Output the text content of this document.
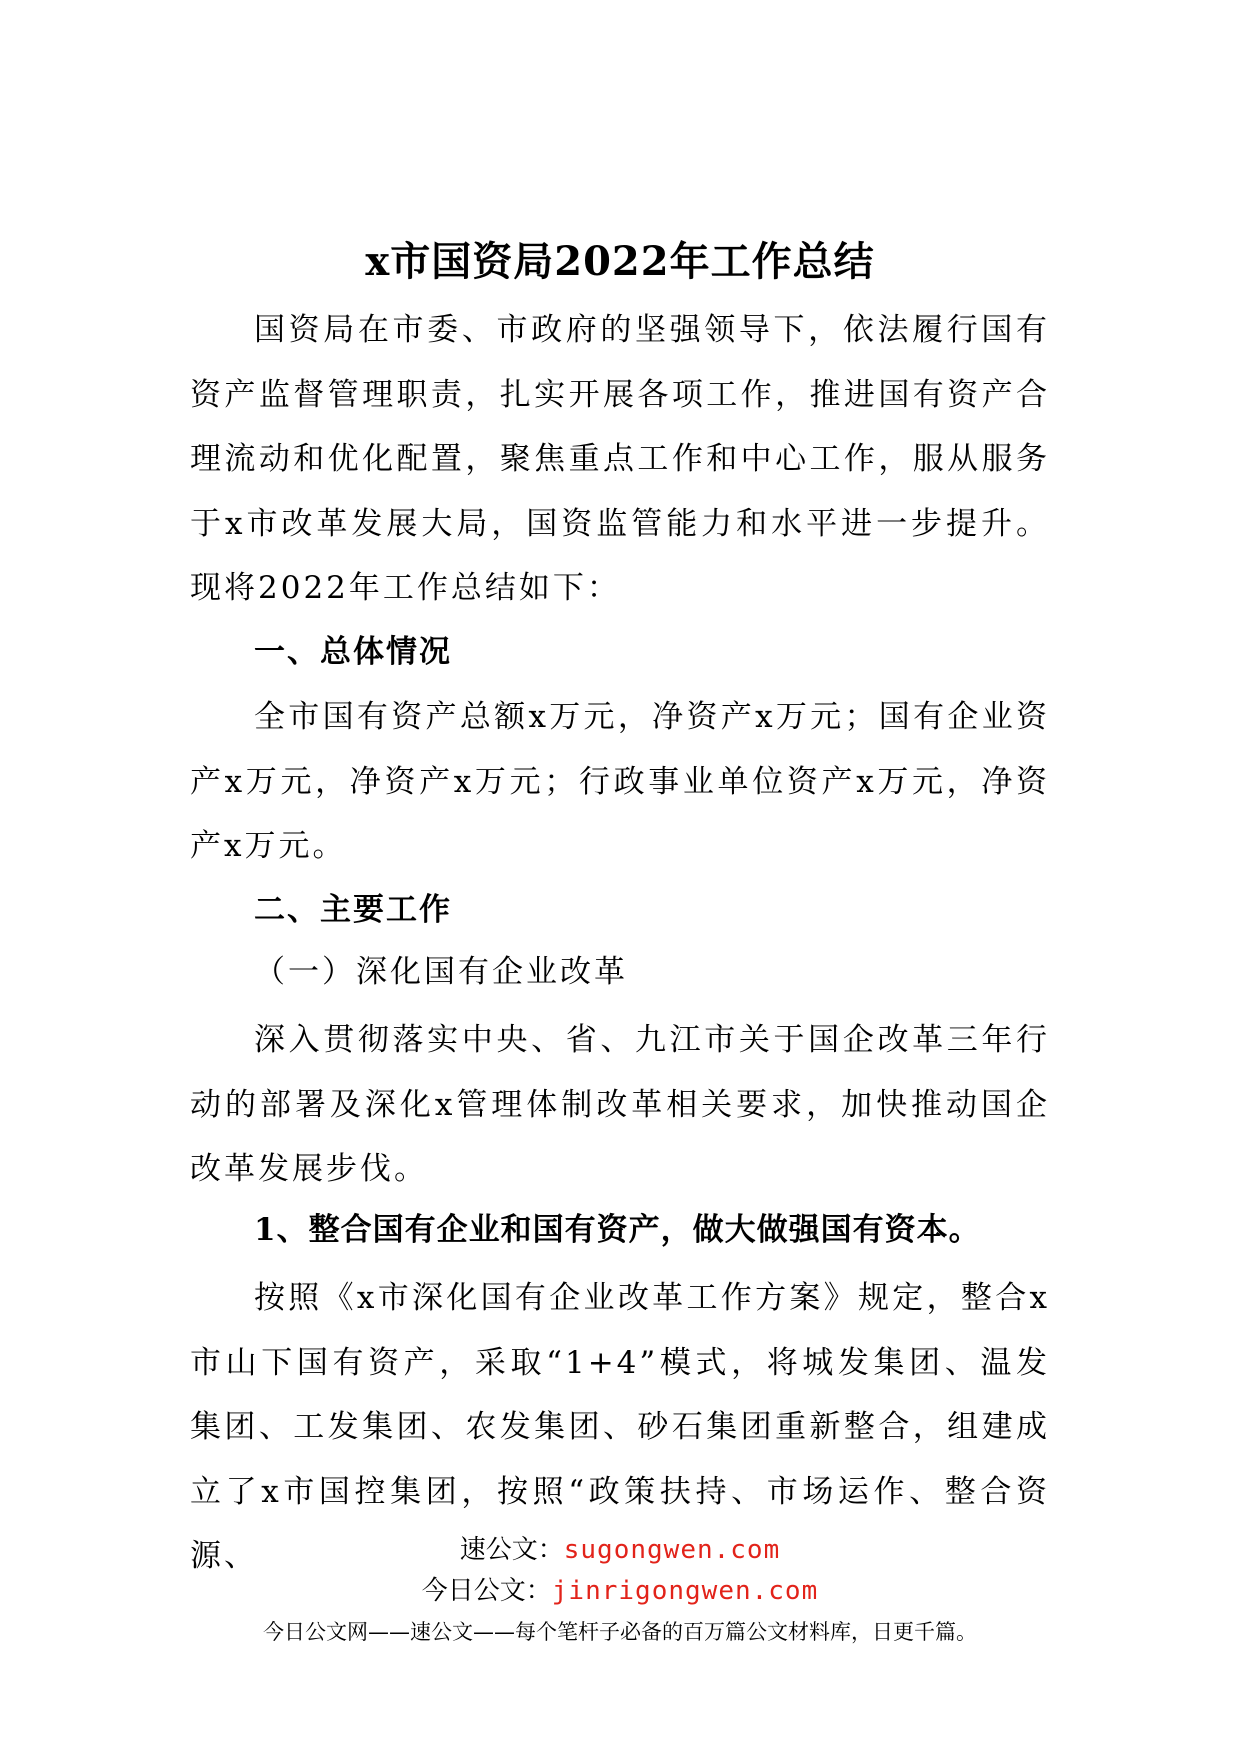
x市国资局2022年工作总结
国资局在市委、市政府的坚强领导下，依法履行国有资产监督管理职责，扎实开展各项工作，推进国有资产合理流动和优化配置，聚焦重点工作和中心工作，服从服务于x市改革发展大局，国资监管能力和水平进一步提升。现将2022年工作总结如下：
一、总体情况
全市国有资产总额x万元，净资产x万元；国有企业资产x万元，净资产x万元；行政事业单位资产x万元，净资产x万元。
二、主要工作
（一）深化国有企业改革
深入贯彻落实中央、省、九江市关于国企改革三年行动的部署及深化x管理体制改革相关要求，加快推动国企改革发展步伐。
1、整合国有企业和国有资产，做大做强国有资本。
按照《x市深化国有企业改革工作方案》规定，整合x市山下国有资产，采取“1+4”模式，将城发集团、温发集团、工发集团、农发集团、砂石集团重新整合，组建成立了x市国控集团，按照“政策扶持、市场运作、整合资源、	速公文：sugongwen.com
今日公文：jinrigongwen.com
今日公文网——速公文——每个笔杆子必备的百万篇公文材料库，日更千篇。
